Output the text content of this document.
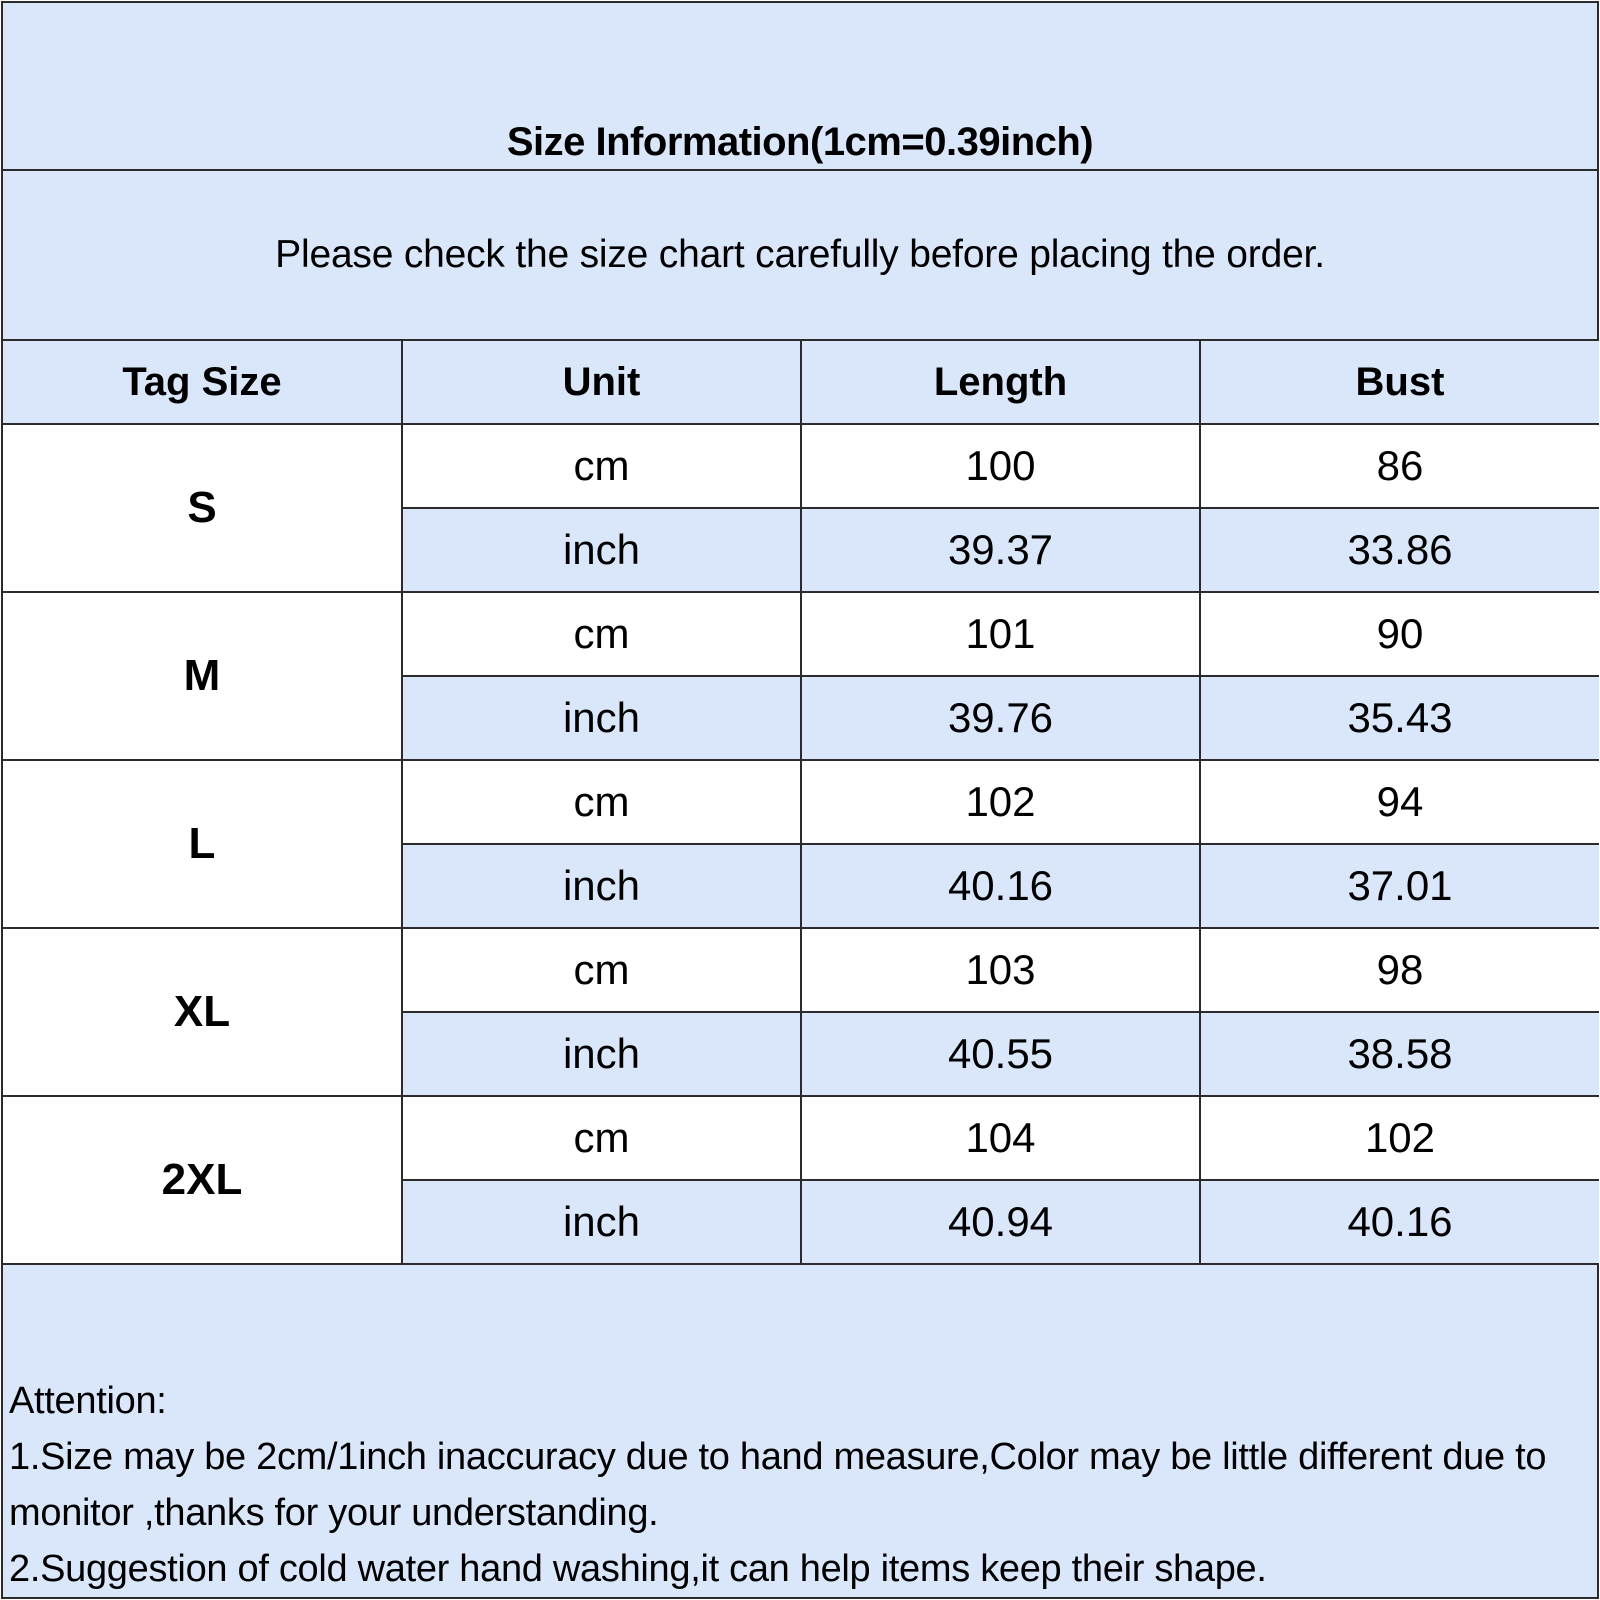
Size Information(1cm=0.39inch)
Please check the size chart carefully before placing the order.
Tag Size	Unit	Length	Bust
S	cm	100	86
	inch	39.37	33.86
M	cm	101	90
	inch	39.76	35.43
L	cm	102	94
	inch	40.16	37.01
XL	cm	103	98
	inch	40.55	38.58
2XL	cm	104	102
	inch	40.94	40.16
Attention:
1.Size may be 2cm/1inch inaccuracy due to hand measure,Color may be little different due to monitor ,thanks for your understanding.
2.Suggestion of cold water hand washing,it can help items keep their shape.
